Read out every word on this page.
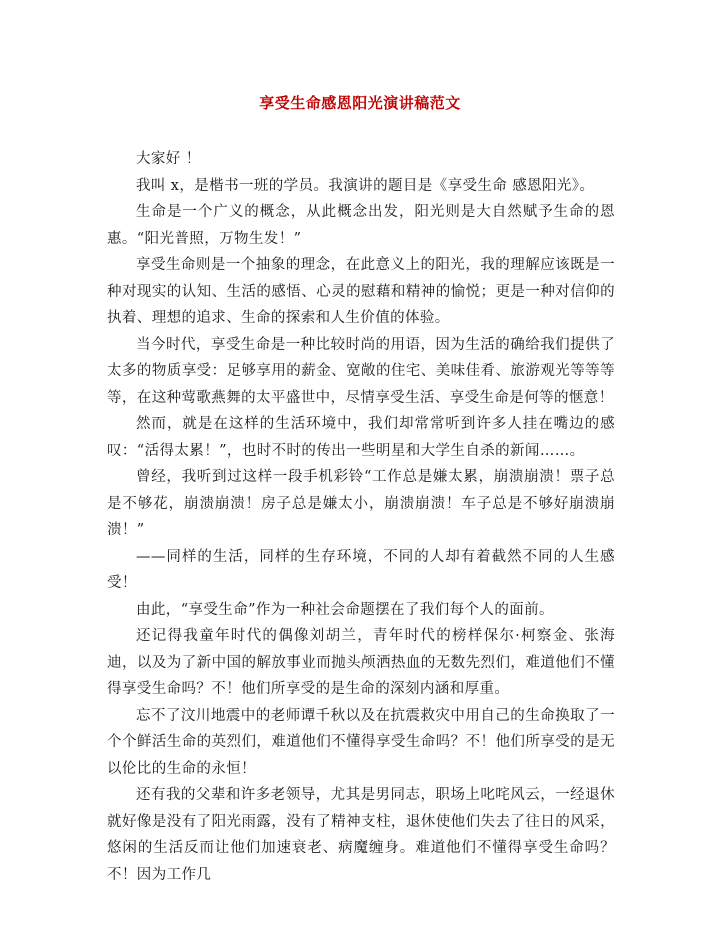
享受生命感恩阳光演讲稿范文

大家好 ！

我叫 x，是楷书一班的学员。我演讲的题目是《享受生命 感恩阳光》。

生命是一个广义的概念，从此概念出发，阳光则是大自然赋予生命的恩惠。“阳光普照，万物生发！”

享受生命则是一个抽象的理念，在此意义上的阳光，我的理解应该既是一种对现实的认知、生活的感悟、心灵的慰藉和精神的愉悦；更是一种对信仰的执着、理想的追求、生命的探索和人生价值的体验。

当今时代，享受生命是一种比较时尚的用语，因为生活的确给我们提供了太多的物质享受：足够享用的薪金、宽敞的住宅、美味佳肴、旅游观光等等等等，在这种莺歌燕舞的太平盛世中，尽情享受生活、享受生命是何等的惬意！

然而，就是在这样的生活环境中，我们却常常听到许多人挂在嘴边的感叹：“活得太累！”，也时不时的传出一些明星和大学生自杀的新闻……。

曾经，我听到过这样一段手机彩铃“工作总是嫌太累，崩溃崩溃！票子总是不够花，崩溃崩溃！房子总是嫌太小，崩溃崩溃！车子总是不够好崩溃崩溃！”

——同样的生活，同样的生存环境，不同的人却有着截然不同的人生感受！

由此，“享受生命”作为一种社会命题摆在了我们每个人的面前。

还记得我童年时代的偶像刘胡兰，青年时代的榜样保尔·柯察金、张海迪，以及为了新中国的解放事业而抛头颅洒热血的无数先烈们，难道他们不懂得享受生命吗？不！他们所享受的是生命的深刻内涵和厚重。

忘不了汶川地震中的老师谭千秋以及在抗震救灾中用自己的生命换取了一个个鲜活生命的英烈们，难道他们不懂得享受生命吗？不！他们所享受的是无以伦比的生命的永恒！

还有我的父辈和许多老领导，尤其是男同志，职场上叱咤风云，一经退休就好像是没有了阳光雨露，没有了精神支柱，退休使他们失去了往日的风采，悠闲的生活反而让他们加速衰老、病魔缠身。难道他们不懂得享受生命吗？不！因为工作几
